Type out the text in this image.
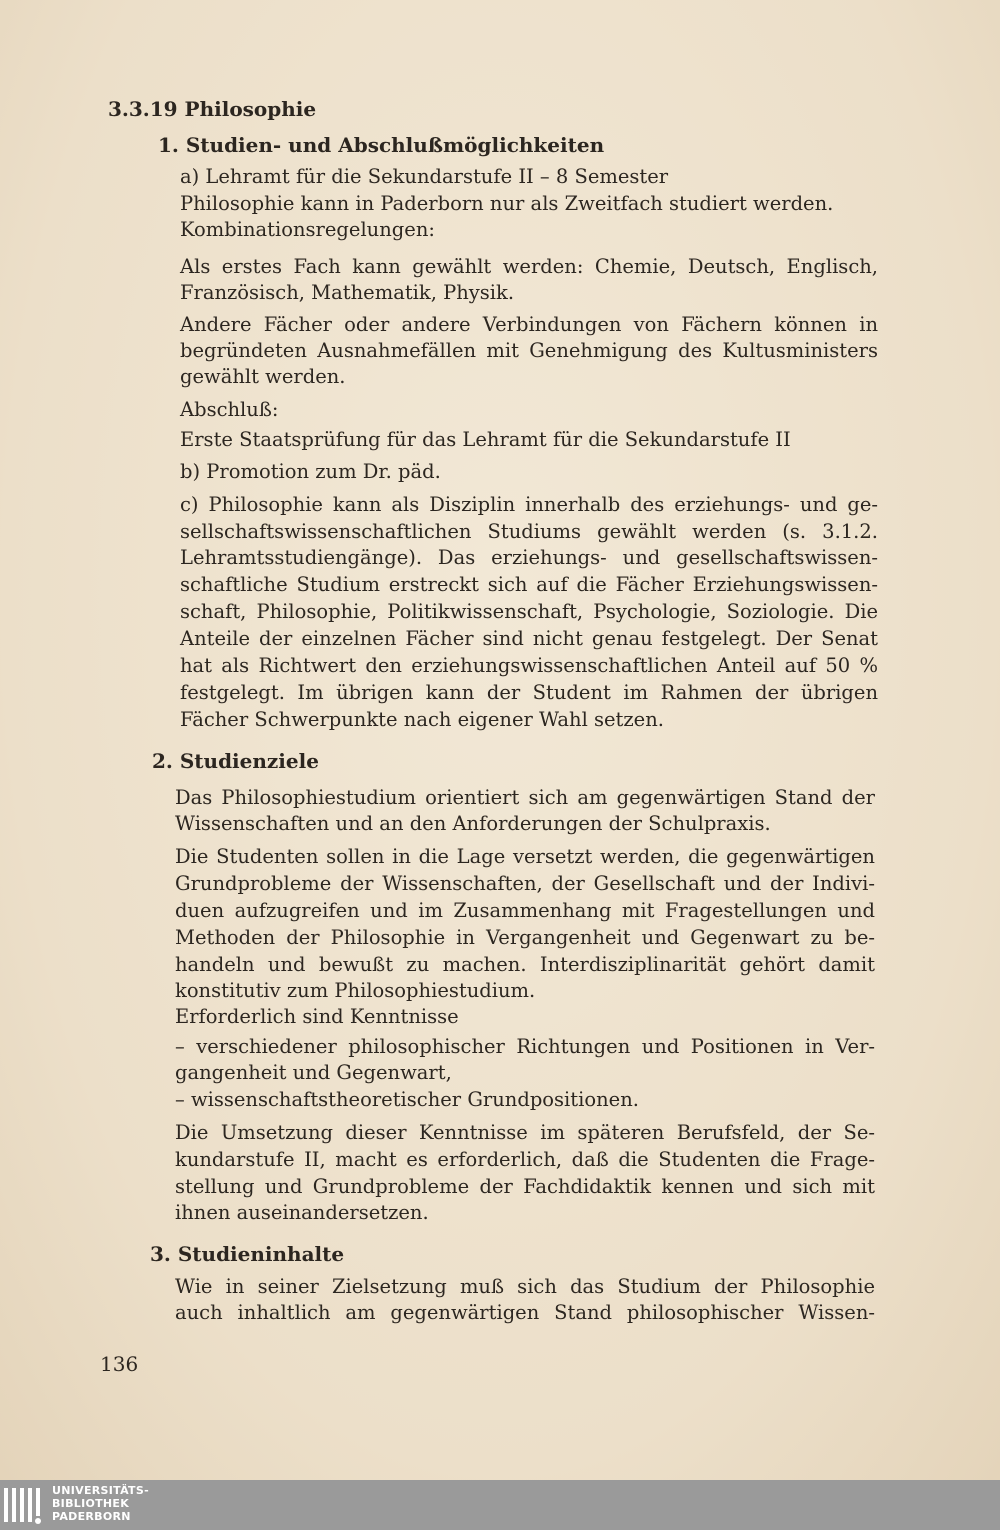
3.3.19 Philosophie
1. Studien- und Abschlußmöglichkeiten
a) Lehramt für die Sekundarstufe II – 8 Semester
Philosophie kann in Paderborn nur als Zweitfach studiert werden.
Kombinationsregelungen:
Als erstes Fach kann gewählt werden: Chemie, Deutsch, Englisch,
Französisch, Mathematik, Physik.
Andere Fächer oder andere Verbindungen von Fächern können in
begründeten Ausnahmefällen mit Genehmigung des Kultusministers
gewählt werden.
Abschluß:
Erste Staatsprüfung für das Lehramt für die Sekundarstufe II
b) Promotion zum Dr. päd.
c) Philosophie kann als Disziplin innerhalb des erziehungs- und ge-
sellschaftswissenschaftlichen Studiums gewählt werden (s. 3.1.2.
Lehramtsstudiengänge). Das erziehungs- und gesellschaftswissen-
schaftliche Studium erstreckt sich auf die Fächer Erziehungswissen-
schaft, Philosophie, Politikwissenschaft, Psychologie, Soziologie. Die
Anteile der einzelnen Fächer sind nicht genau festgelegt. Der Senat
hat als Richtwert den erziehungswissenschaftlichen Anteil auf 50 %
festgelegt. Im übrigen kann der Student im Rahmen der übrigen
Fächer Schwerpunkte nach eigener Wahl setzen.
2. Studienziele
Das Philosophiestudium orientiert sich am gegenwärtigen Stand der
Wissenschaften und an den Anforderungen der Schulpraxis.
Die Studenten sollen in die Lage versetzt werden, die gegenwärtigen
Grundprobleme der Wissenschaften, der Gesellschaft und der Indivi-
duen aufzugreifen und im Zusammenhang mit Fragestellungen und
Methoden der Philosophie in Vergangenheit und Gegenwart zu be-
handeln und bewußt zu machen. Interdisziplinarität gehört damit
konstitutiv zum Philosophiestudium.
Erforderlich sind Kenntnisse
– verschiedener philosophischer Richtungen und Positionen in Ver-
gangenheit und Gegenwart,
– wissenschaftstheoretischer Grundpositionen.
Die Umsetzung dieser Kenntnisse im späteren Berufsfeld, der Se-
kundarstufe II, macht es erforderlich, daß die Studenten die Frage-
stellung und Grundprobleme der Fachdidaktik kennen und sich mit
ihnen auseinandersetzen.
3. Studieninhalte
Wie in seiner Zielsetzung muß sich das Studium der Philosophie
auch inhaltlich am gegenwärtigen Stand philosophischer Wissen-
136
UNIVERSITÄTS-
BIBLIOTHEK
PADERBORN
